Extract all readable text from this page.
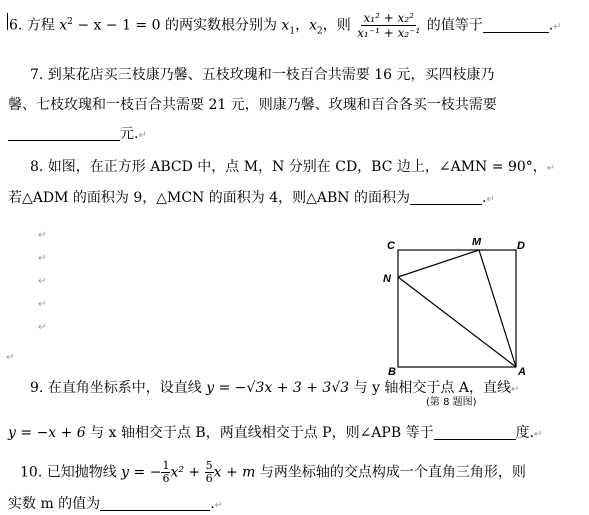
6. 方程 $x^2 - x - 1 = 0$ 的两实数根分别为 $x_1$，$x_2$，则 $\frac{\text{x₁² + x₂²}}{\text{x₁⁻¹ + x₂⁻¹}}$ 的值等于	.↵
7. 到某花店买三枝康乃馨、五枝玫瑰和一枝百合共需要 16 元，买四枝康乃
馨、七枝玫瑰和一枝百合共需要 21 元，则康乃馨、玫瑰和百合各买一枝共需要
元.↵
8. 如图，在正方形 ABCD 中，点 M，N 分别在 CD，BC 边上，∠AMN = 90°，↵
若△ADM 的面积为 9，△MCN 的面积为 4，则△ABN 的面积为	.↵
↵
↵
↵
↵
↵
↵
C	M	D
N
B	A
9. 在直角坐标系中，设直线 y = −√3x + 3 + 3√3 与 y 轴相交于点 A，直线↵
(第 8 题图)
y = −x + 6 与 x 轴相交于点 B，两直线相交于点 P，则∠APB 等于	度.↵
10. 已知抛物线 y = − $\frac{1}{6} x^2 + \frac{5}{6}$ x + m 与两坐标轴的交点构成一个直角三角形，则
实数 m 的值为	.↵
